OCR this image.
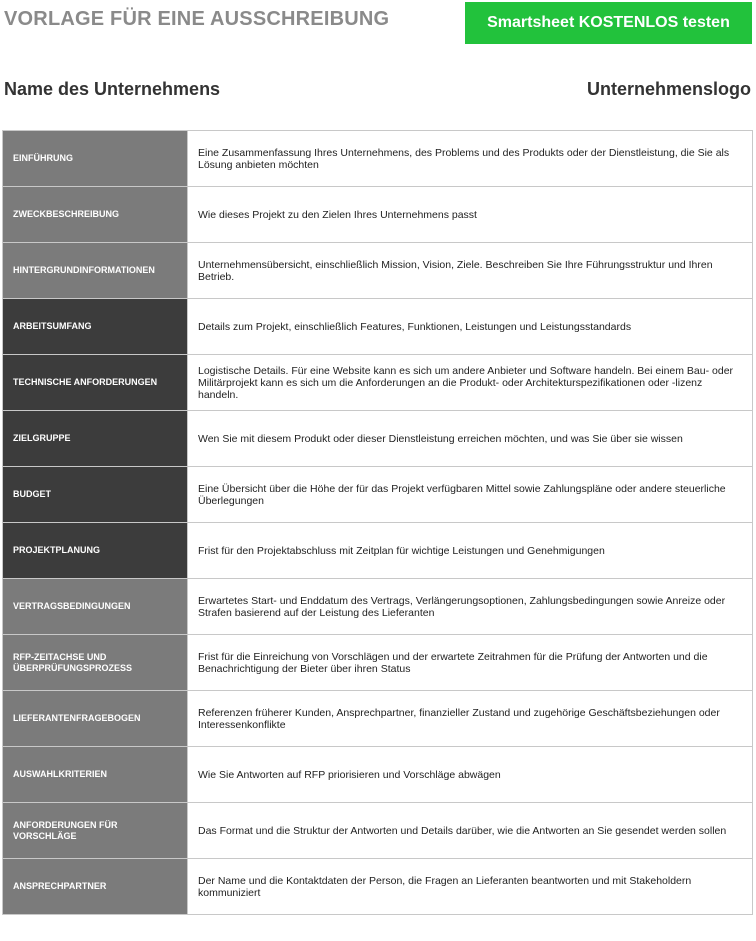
VORLAGE FÜR EINE AUSSCHREIBUNG	Smartsheet KOSTENLOS testen
Name des Unternehmens	Unternehmenslogo
EINFÜHRUNG	Eine Zusammenfassung Ihres Unternehmens, des Problems und des Produkts oder der Dienstleistung, die Sie als Lösung anbieten möchten
ZWECKBESCHREIBUNG	Wie dieses Projekt zu den Zielen Ihres Unternehmens passt
HINTERGRUNDINFORMATIONEN	Unternehmensübersicht, einschließlich Mission, Vision, Ziele. Beschreiben Sie Ihre Führungsstruktur und Ihren Betrieb.
ARBEITSUMFANG	Details zum Projekt, einschließlich Features, Funktionen, Leistungen und Leistungsstandards
TECHNISCHE ANFORDERUNGEN	Logistische Details. Für eine Website kann es sich um andere Anbieter und Software handeln. Bei einem Bau- oder Militärprojekt kann es sich um die Anforderungen an die Produkt- oder Architekturspezifikationen oder -lizenz handeln.
ZIELGRUPPE	Wen Sie mit diesem Produkt oder dieser Dienstleistung erreichen möchten, und was Sie über sie wissen
BUDGET	Eine Übersicht über die Höhe der für das Projekt verfügbaren Mittel sowie Zahlungspläne oder andere steuerliche Überlegungen
PROJEKTPLANUNG	Frist für den Projektabschluss mit Zeitplan für wichtige Leistungen und Genehmigungen
VERTRAGSBEDINGUNGEN	Erwartetes Start- und Enddatum des Vertrags, Verlängerungsoptionen, Zahlungsbedingungen sowie Anreize oder Strafen basierend auf der Leistung des Lieferanten
RFP-ZEITACHSE UND ÜBERPRÜFUNGSPROZESS	Frist für die Einreichung von Vorschlägen und der erwartete Zeitrahmen für die Prüfung der Antworten und die Benachrichtigung der Bieter über ihren Status
LIEFERANTENFRAGEBOGEN	Referenzen früherer Kunden, Ansprechpartner, finanzieller Zustand und zugehörige Geschäftsbeziehungen oder Interessenkonflikte
AUSWAHLKRITERIEN	Wie Sie Antworten auf RFP priorisieren und Vorschläge abwägen
ANFORDERUNGEN FÜR VORSCHLÄGE	Das Format und die Struktur der Antworten und Details darüber, wie die Antworten an Sie gesendet werden sollen
ANSPRECHPARTNER	Der Name und die Kontaktdaten der Person, die Fragen an Lieferanten beantworten und mit Stakeholdern kommuniziert
